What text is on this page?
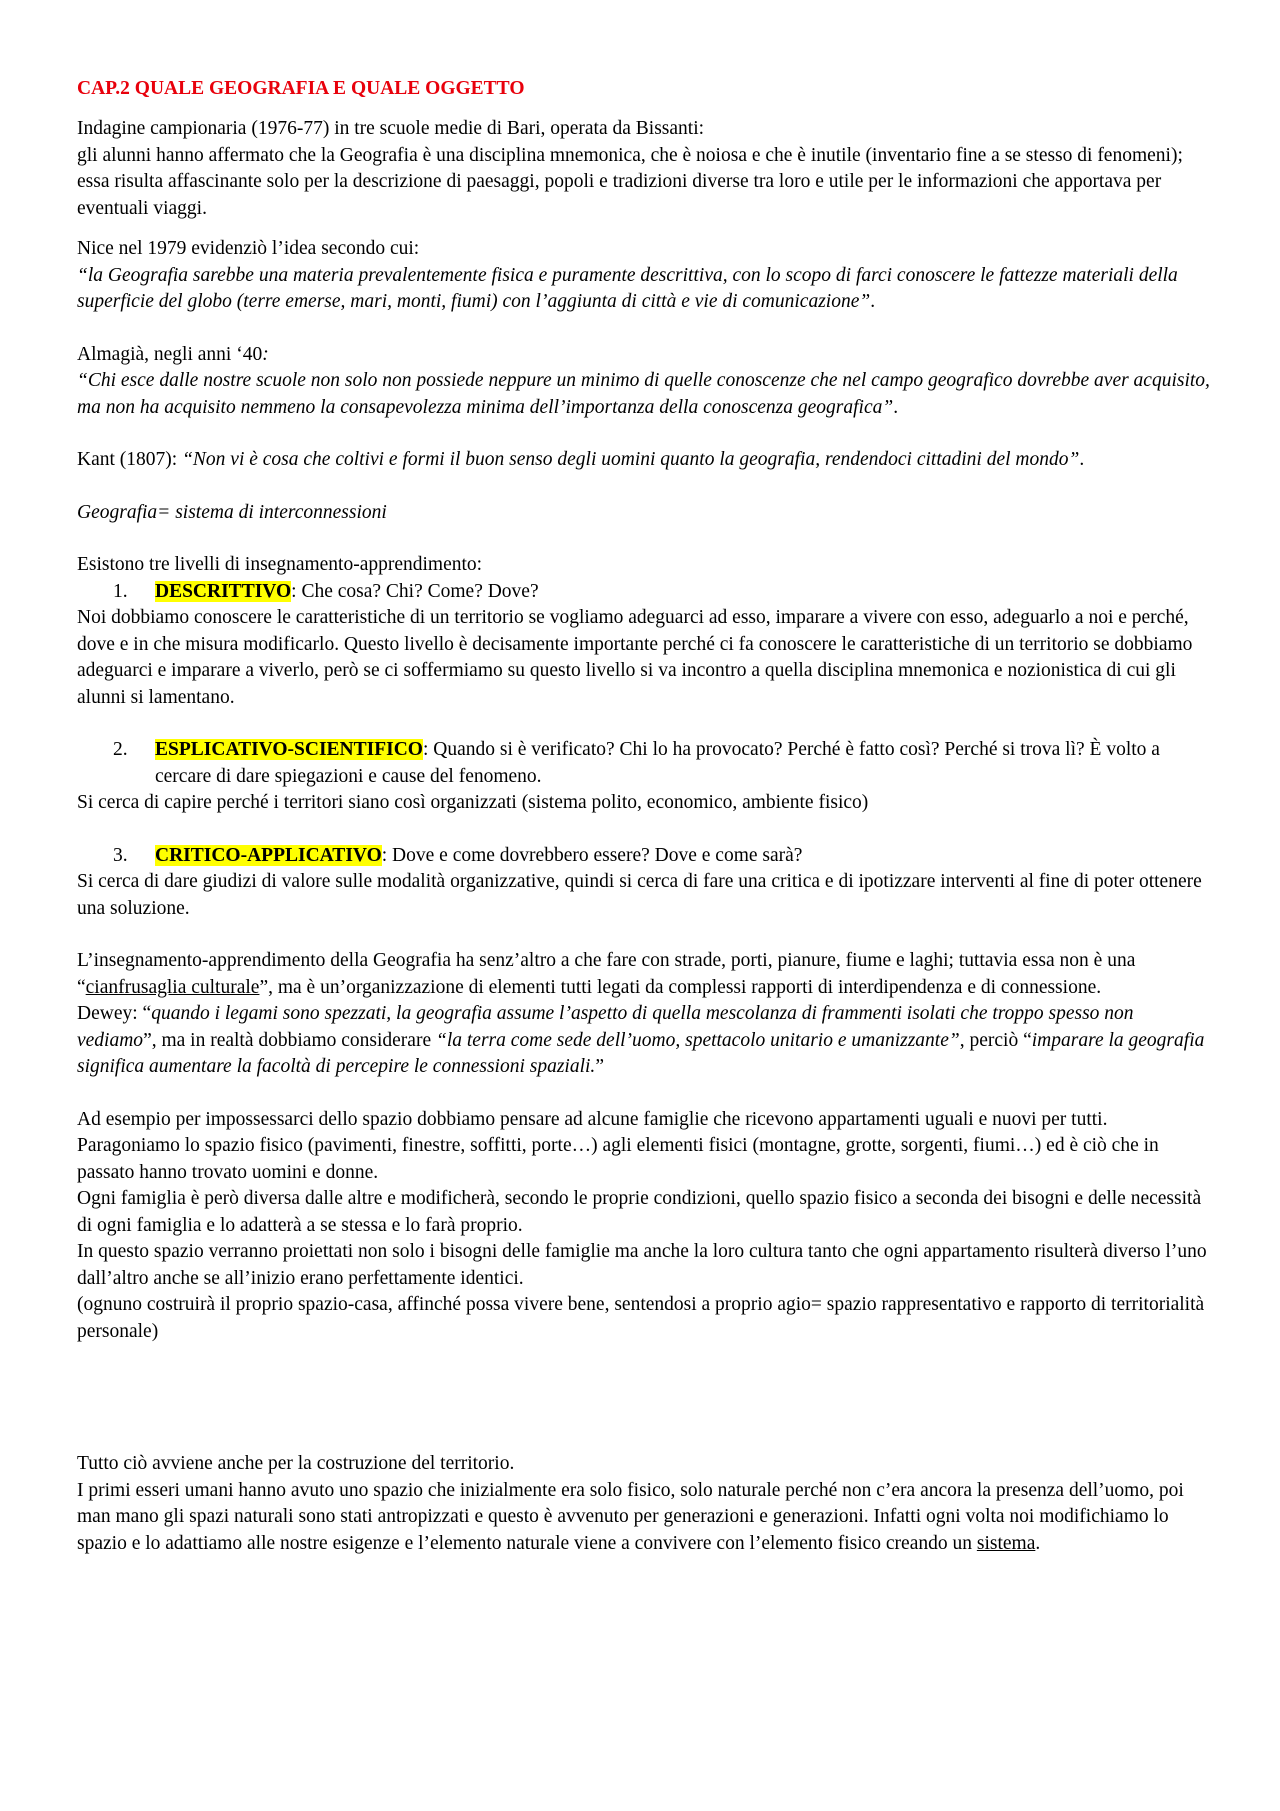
CAP.2 QUALE GEOGRAFIA E QUALE OGGETTO

Indagine campionaria (1976-77) in tre scuole medie di Bari, operata da Bissanti:

gli alunni hanno affermato che la Geografia è una disciplina mnemonica, che è noiosa e che è inutile (inventario fine a se stesso di fenomeni); essa risulta affascinante solo per la descrizione di paesaggi, popoli e tradizioni diverse tra loro e utile per le informazioni che apportava per eventuali viaggi.

Nice nel 1979 evidenziò l’idea secondo cui:

“la Geografia sarebbe una materia prevalentemente fisica e puramente descrittiva, con lo scopo di farci conoscere le fattezze materiali della superficie del globo (terre emerse, mari, monti, fiumi) con l’aggiunta di città e vie di comunicazione”.

Almagià, negli anni ‘40:

“Chi esce dalle nostre scuole non solo non possiede neppure un minimo di quelle conoscenze che nel campo geografico dovrebbe aver acquisito, ma non ha acquisito nemmeno la consapevolezza minima dell’importanza della conoscenza geografica”.

Kant (1807): “Non vi è cosa che coltivi e formi il buon senso degli uomini quanto la geografia, rendendoci cittadini del mondo”.

Geografia= sistema di interconnessioni

Esistono tre livelli di insegnamento-apprendimento:

1.	DESCRITTIVO: Che cosa? Chi? Come? Dove?

Noi dobbiamo conoscere le caratteristiche di un territorio se vogliamo adeguarci ad esso, imparare a vivere con esso, adeguarlo a noi e perché, dove e in che misura modificarlo. Questo livello è decisamente importante perché ci fa conoscere le caratteristiche di un territorio se dobbiamo adeguarci e imparare a viverlo, però se ci soffermiamo su questo livello si va incontro a quella disciplina mnemonica e nozionistica di cui gli alunni si lamentano.

2.	ESPLICATIVO-SCIENTIFICO: Quando si è verificato? Chi lo ha provocato? Perché è fatto così? Perché si trova lì? È volto a cercare di dare spiegazioni e cause del fenomeno.

Si cerca di capire perché i territori siano così organizzati (sistema polito, economico, ambiente fisico)

3.	CRITICO-APPLICATIVO: Dove e come dovrebbero essere? Dove e come sarà?

Si cerca di dare giudizi di valore sulle modalità organizzative, quindi si cerca di fare una critica e di ipotizzare interventi al fine di poter ottenere una soluzione.

L’insegnamento-apprendimento della Geografia ha senz’altro a che fare con strade, porti, pianure, fiume e laghi; tuttavia essa non è una “cianfrusaglia culturale”, ma è un’organizzazione di elementi tutti legati da complessi rapporti di interdipendenza e di connessione.

Dewey: “quando i legami sono spezzati, la geografia assume l’aspetto di quella mescolanza di frammenti isolati che troppo spesso non vediamo”, ma in realtà dobbiamo considerare “la terra come sede dell’uomo, spettacolo unitario e umanizzante”, perciò “imparare la geografia significa aumentare la facoltà di percepire le connessioni spaziali.”

Ad esempio per impossessarci dello spazio dobbiamo pensare ad alcune famiglie che ricevono appartamenti uguali e nuovi per tutti. Paragoniamo lo spazio fisico (pavimenti, finestre, soffitti, porte…) agli elementi fisici (montagne, grotte, sorgenti, fiumi…) ed è ciò che in passato hanno trovato uomini e donne.

Ogni famiglia è però diversa dalle altre e modificherà, secondo le proprie condizioni, quello spazio fisico a seconda dei bisogni e delle necessità di ogni famiglia e lo adatterà a se stessa e lo farà proprio.

In questo spazio verranno proiettati non solo i bisogni delle famiglie ma anche la loro cultura tanto che ogni appartamento risulterà diverso l’uno dall’altro anche se all’inizio erano perfettamente identici.

(ognuno costruirà il proprio spazio-casa, affinché possa vivere bene, sentendosi a proprio agio= spazio rappresentativo e rapporto di territorialità personale)

Tutto ciò avviene anche per la costruzione del territorio.

I primi esseri umani hanno avuto uno spazio che inizialmente era solo fisico, solo naturale perché non c’era ancora la presenza dell’uomo, poi man mano gli spazi naturali sono stati antropizzati e questo è avvenuto per generazioni e generazioni. Infatti ogni volta noi modifichiamo lo spazio e lo adattiamo alle nostre esigenze e l’elemento naturale viene a convivere con l’elemento fisico creando un sistema.
